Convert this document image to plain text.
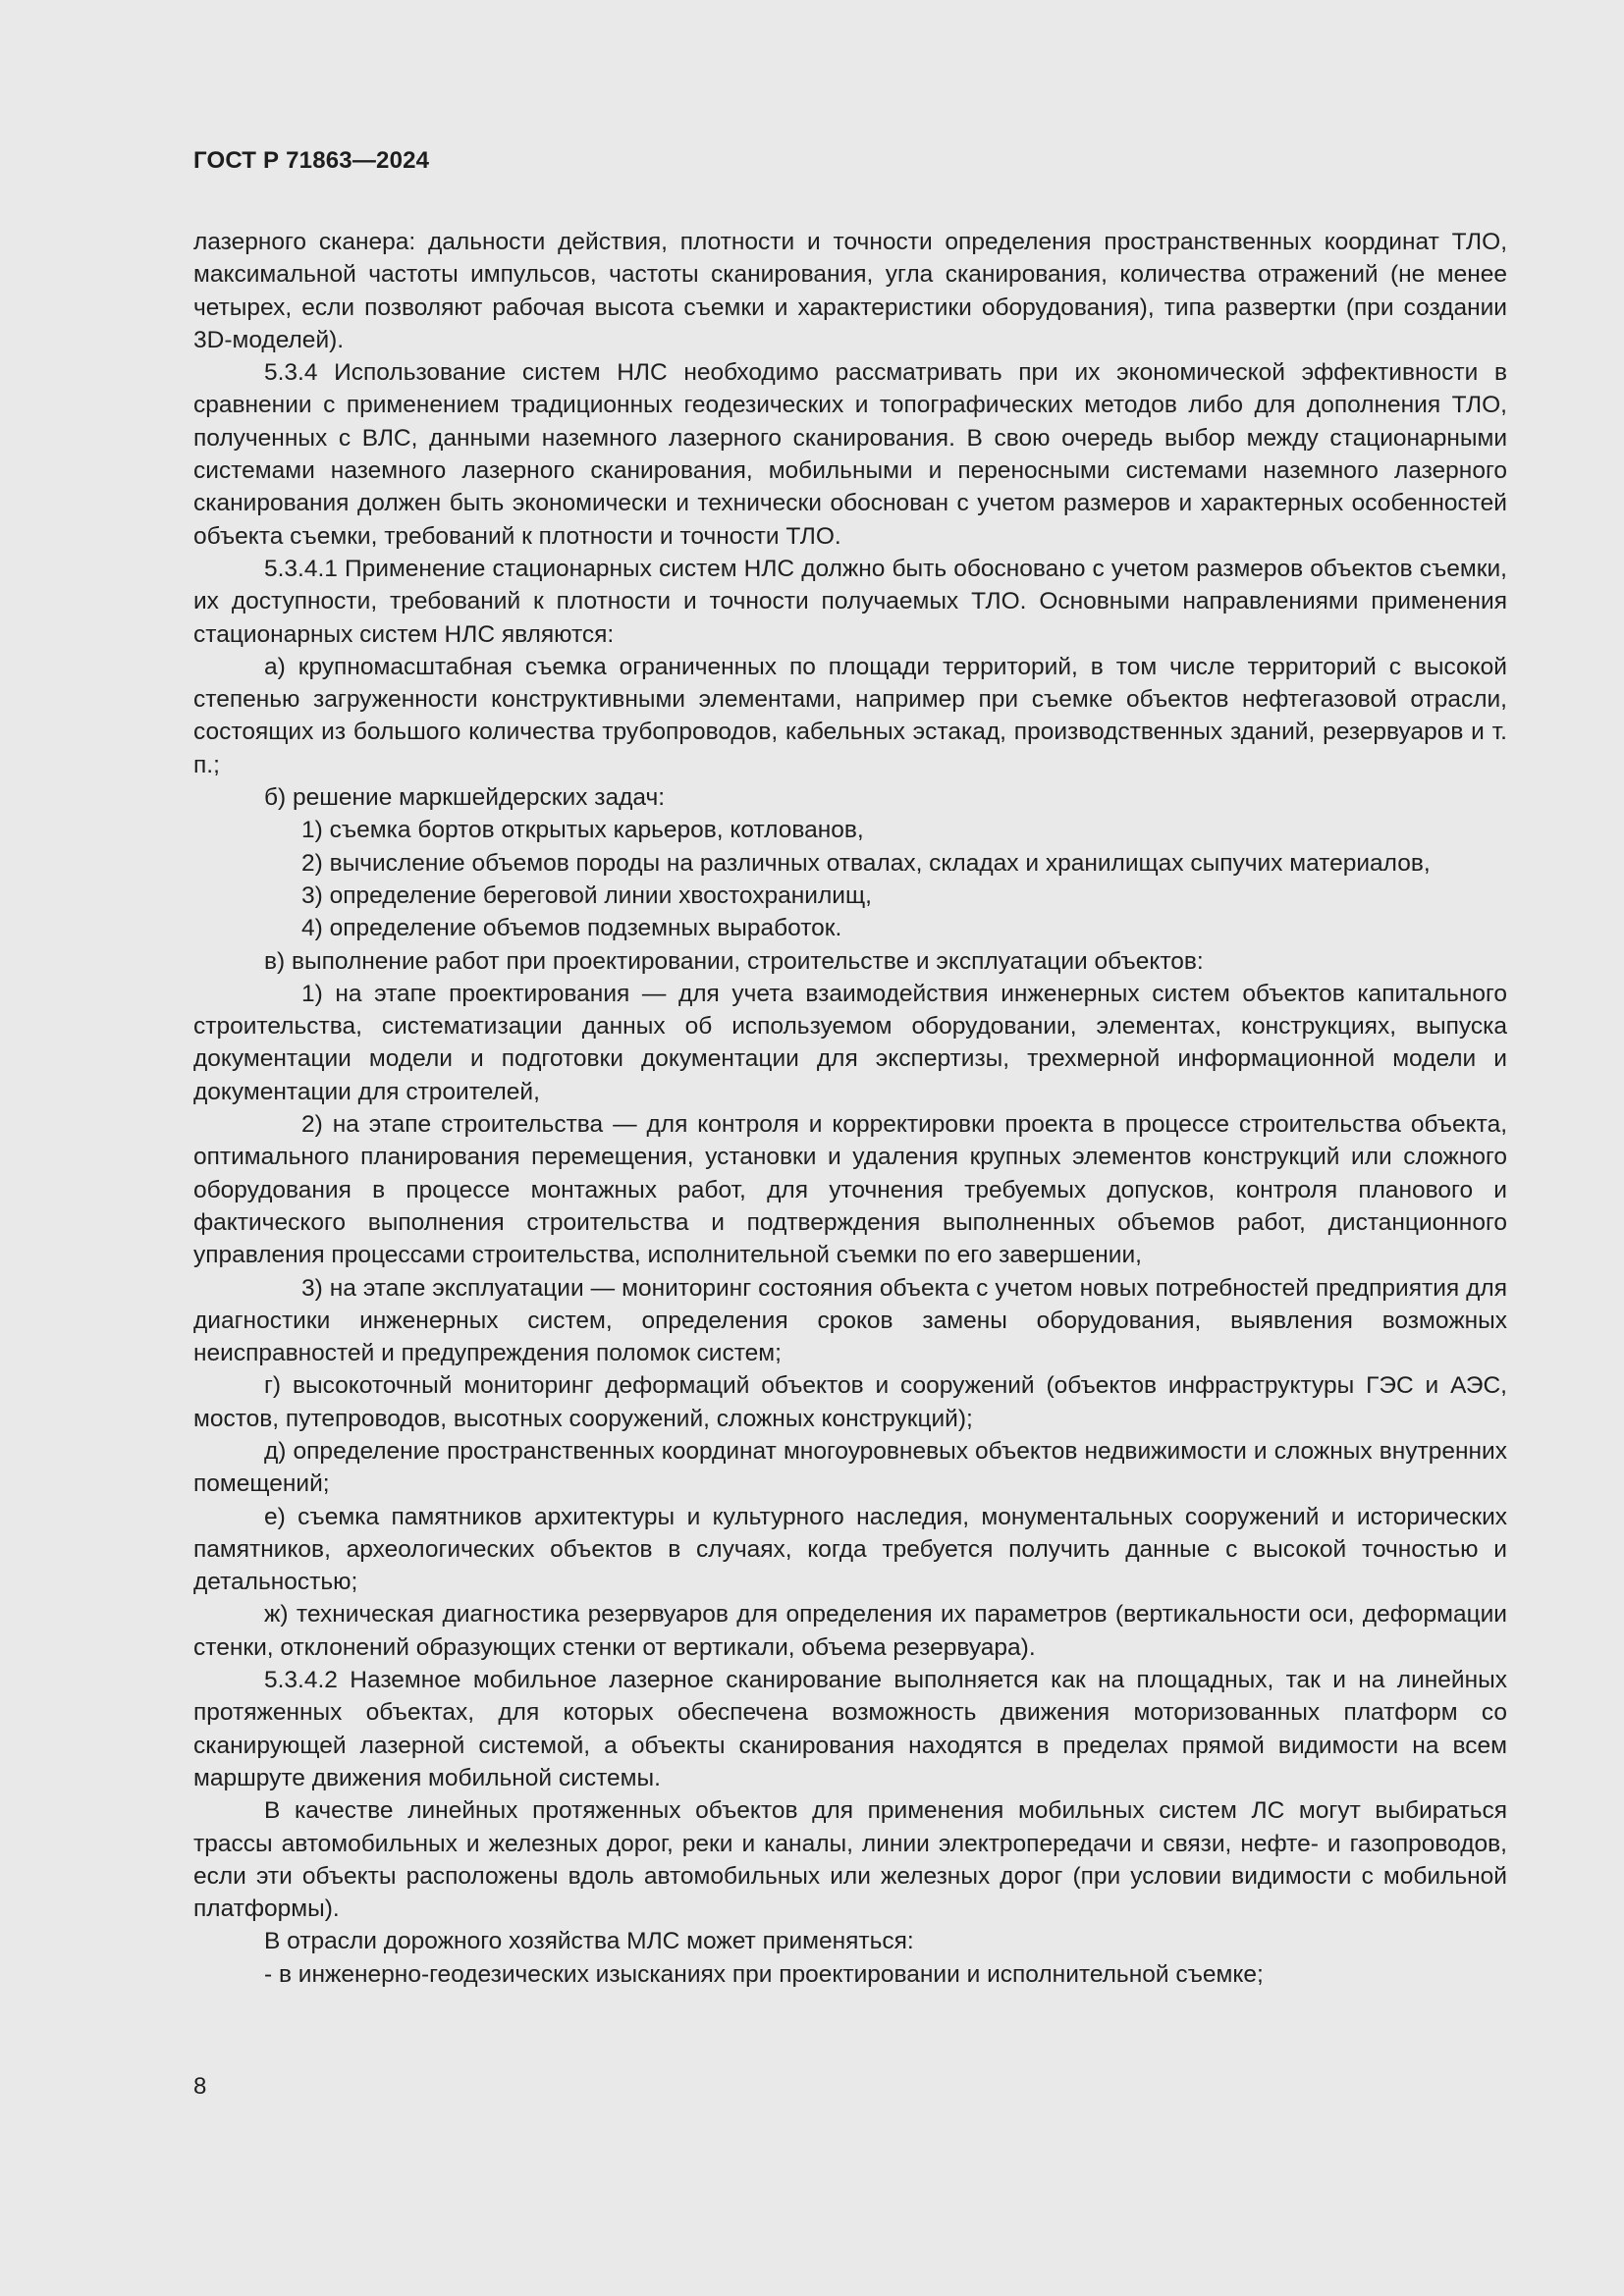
ГОСТ Р 71863—2024

лазерного сканера: дальности действия, плотности и точности определения пространственных координат ТЛО, максимальной частоты импульсов, частоты сканирования, угла сканирования, количества отражений (не менее четырех, если позволяют рабочая высота съемки и характеристики оборудования), типа развертки (при создании 3D-моделей).

5.3.4 Использование систем НЛС необходимо рассматривать при их экономической эффективности в сравнении с применением традиционных геодезических и топографических методов либо для дополнения ТЛО, полученных с ВЛС, данными наземного лазерного сканирования. В свою очередь выбор между стационарными системами наземного лазерного сканирования, мобильными и переносными системами наземного лазерного сканирования должен быть экономически и технически обоснован с учетом размеров и характерных особенностей объекта съемки, требований к плотности и точности ТЛО.

5.3.4.1 Применение стационарных систем НЛС должно быть обосновано с учетом размеров объектов съемки, их доступности, требований к плотности и точности получаемых ТЛО. Основными направлениями применения стационарных систем НЛС являются:

а) крупномасштабная съемка ограниченных по площади территорий, в том числе территорий с высокой степенью загруженности конструктивными элементами, например при съемке объектов нефтегазовой отрасли, состоящих из большого количества трубопроводов, кабельных эстакад, производственных зданий, резервуаров и т. п.;

б) решение маркшейдерских задач:

1) съемка бортов открытых карьеров, котлованов,

2) вычисление объемов породы на различных отвалах, складах и хранилищах сыпучих материалов,

3) определение береговой линии хвостохранилищ,

4) определение объемов подземных выработок.

в) выполнение работ при проектировании, строительстве и эксплуатации объектов:

1) на этапе проектирования — для учета взаимодействия инженерных систем объектов капитального строительства, систематизации данных об используемом оборудовании, элементах, конструкциях, выпуска документации модели и подготовки документации для экспертизы, трехмерной информационной модели и документации для строителей,

2) на этапе строительства — для контроля и корректировки проекта в процессе строительства объекта, оптимального планирования перемещения, установки и удаления крупных элементов конструкций или сложного оборудования в процессе монтажных работ, для уточнения требуемых допусков, контроля планового и фактического выполнения строительства и подтверждения выполненных объемов работ, дистанционного управления процессами строительства, исполнительной съемки по его завершении,

3) на этапе эксплуатации — мониторинг состояния объекта с учетом новых потребностей предприятия для диагностики инженерных систем, определения сроков замены оборудования, выявления возможных неисправностей и предупреждения поломок систем;

г) высокоточный мониторинг деформаций объектов и сооружений (объектов инфраструктуры ГЭС и АЭС, мостов, путепроводов, высотных сооружений, сложных конструкций);

д) определение пространственных координат многоуровневых объектов недвижимости и сложных внутренних помещений;

е) съемка памятников архитектуры и культурного наследия, монументальных сооружений и исторических памятников, археологических объектов в случаях, когда требуется получить данные с высокой точностью и детальностью;

ж) техническая диагностика резервуаров для определения их параметров (вертикальности оси, деформации стенки, отклонений образующих стенки от вертикали, объема резервуара).

5.3.4.2 Наземное мобильное лазерное сканирование выполняется как на площадных, так и на линейных протяженных объектах, для которых обеспечена возможность движения моторизованных платформ со сканирующей лазерной системой, а объекты сканирования находятся в пределах прямой видимости на всем маршруте движения мобильной системы.

В качестве линейных протяженных объектов для применения мобильных систем ЛС могут выбираться трассы автомобильных и железных дорог, реки и каналы, линии электропередачи и связи, нефте- и газопроводов, если эти объекты расположены вдоль автомобильных или железных дорог (при условии видимости с мобильной платформы).

В отрасли дорожного хозяйства МЛС может применяться:

- в инженерно-геодезических изысканиях при проектировании и исполнительной съемке;

8
